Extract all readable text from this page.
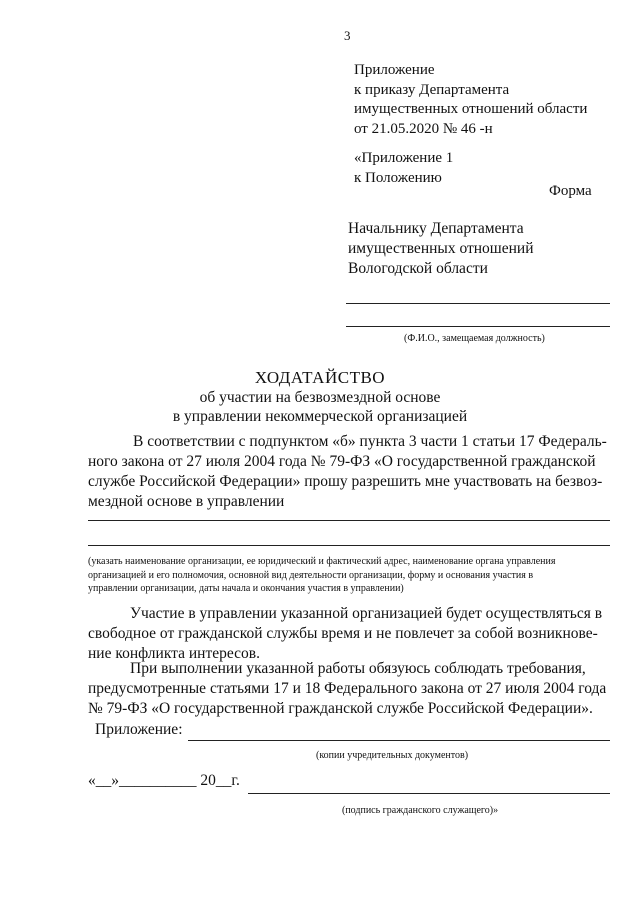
3
Приложение
к приказу Департамента
имущественных отношений области
от 21.05.2020 № 46 -н
«Приложение 1
к Положению
Форма
Начальнику Департамента
имущественных отношений
Вологодской области
(Ф.И.О., замещаемая должность)
ХОДАТАЙСТВО
об участии на безвозмездной основе
в управлении некоммерческой организацией
В соответствии с подпунктом «б» пункта 3 части 1 статьи 17 Федераль-
ного закона от 27 июля 2004 года № 79-ФЗ «О государственной гражданской
службе Российской Федерации» прошу разрешить мне участвовать на безвоз-
мездной основе в управлении
(указать наименование организации, ее юридический и фактический адрес, наименование органа управления
организацией и его полномочия, основной вид деятельности организации, форму и основания участия в
управлении организации, даты начала и окончания участия в управлении)
Участие в управлении указанной организацией будет осуществляться в
свободное от гражданской службы время и не повлечет за собой возникнове-
ние конфликта интересов.
При выполнении указанной работы обязуюсь соблюдать требования,
предусмотренные статьями 17 и 18 Федерального закона от 27 июля 2004 года
№ 79-ФЗ «О государственной гражданской службе Российской Федерации».
Приложение:
(копии учредительных документов)
«__»__________ 20__г.
(подпись гражданского служащего)»
